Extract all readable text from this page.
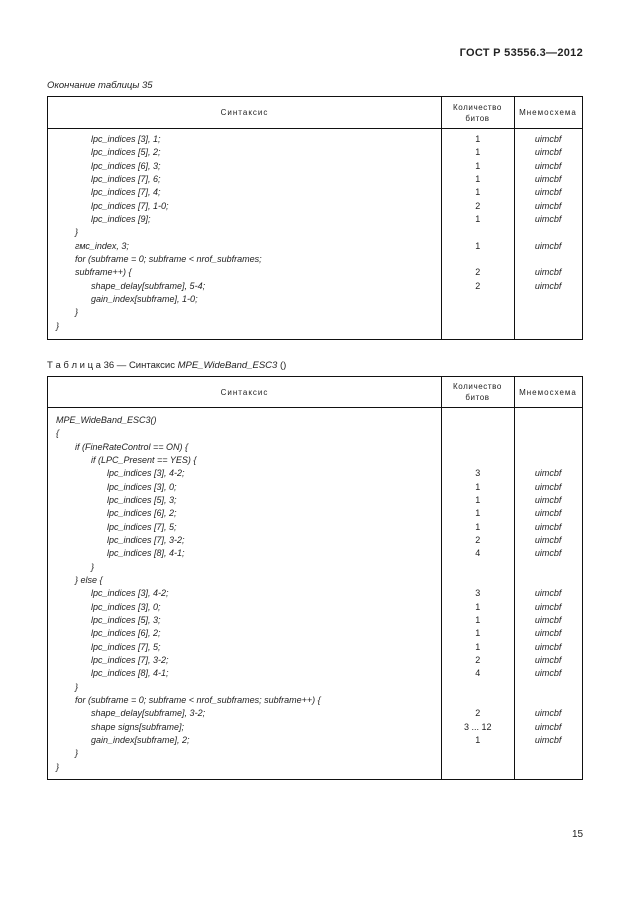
ГОСТ Р 53556.3—2012
Окончание таблицы 35
Синтаксис
Количество битов
Мнемосхема
lpc_indices [3], 1;	1	uimcbf
lpc_indices [5], 2;	1	uimcbf
lpc_indices [6], 3;	1	uimcbf
lpc_indices [7], 6;	1	uimcbf
lpc_indices [7], 4;	1	uimcbf
lpc_indices [7], 1-0;	2	uimcbf
lpc_indices [9];	1	uimcbf
}
гмс_index, 3;	1	uimcbf
for (subframe = 0; subframe < nrof_subframes;
subframe++) {	2	uimcbf
shape_delay[subframe], 5-4;	2	uimcbf
gain_index[subframe], 1-0;
}
}
Т а б л и ц а 36 — Синтаксис MPE_WideBand_ESC3 ()
Синтаксис
Количество битов
Мнемосхема
MPE_WideBand_ESC3()
{
if (FineRateControl == ON) {
if (LPC_Present == YES) {
lpc_indices [3], 4-2;	3	uimcbf
lpc_indices [3], 0;	1	uimcbf
lpc_indices [5], 3;	1	uimcbf
lpc_indices [6], 2;	1	uimcbf
lpc_indices [7], 5;	1	uimcbf
lpc_indices [7], 3-2;	2	uimcbf
lpc_indices [8], 4-1;	4	uimcbf
}
} else {
lpc_indices [3], 4-2;	3	uimcbf
lpc_indices [3], 0;	1	uimcbf
lpc_indices [5], 3;	1	uimcbf
lpc_indices [6], 2;	1	uimcbf
lpc_indices [7], 5;	1	uimcbf
lpc_indices [7], 3-2;	2	uimcbf
lpc_indices [8], 4-1;	4	uimcbf
}
for (subframe = 0; subframe < nrof_subframes; subframe++) {
shape_delay[subframe], 3-2;	2	uimcbf
shape signs[subframe];	3 ... 12	uimcbf
gain_index[subframe], 2;	1	uimcbf
}
}
15
